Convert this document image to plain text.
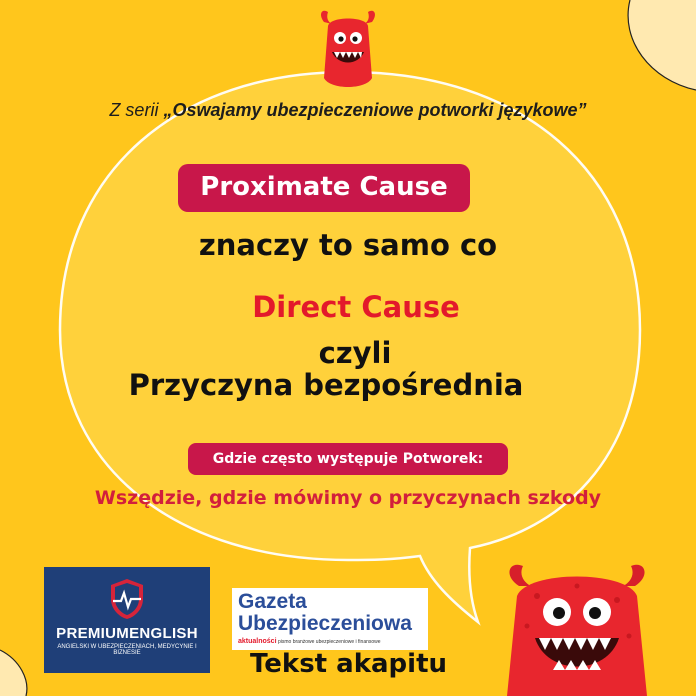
Z serii „Oswajamy ubezpieczeniowe potworki językowe”
Proximate Cause
znaczy to samo co
Direct Cause
czyli
Przyczyna bezpośrednia
Gdzie często występuje Potworek:
Wszędzie, gdzie mówimy o przyczynach szkody
PREMIUMENGLISH
ANGIELSKI W UBEZPIECZENIACH, MEDYCYNIE I BIZNESIE
Gazeta
Ubezpieczeniowa
aktualności pismo branżowe ubezpieczeniowe i finansowe
Tekst akapitu
